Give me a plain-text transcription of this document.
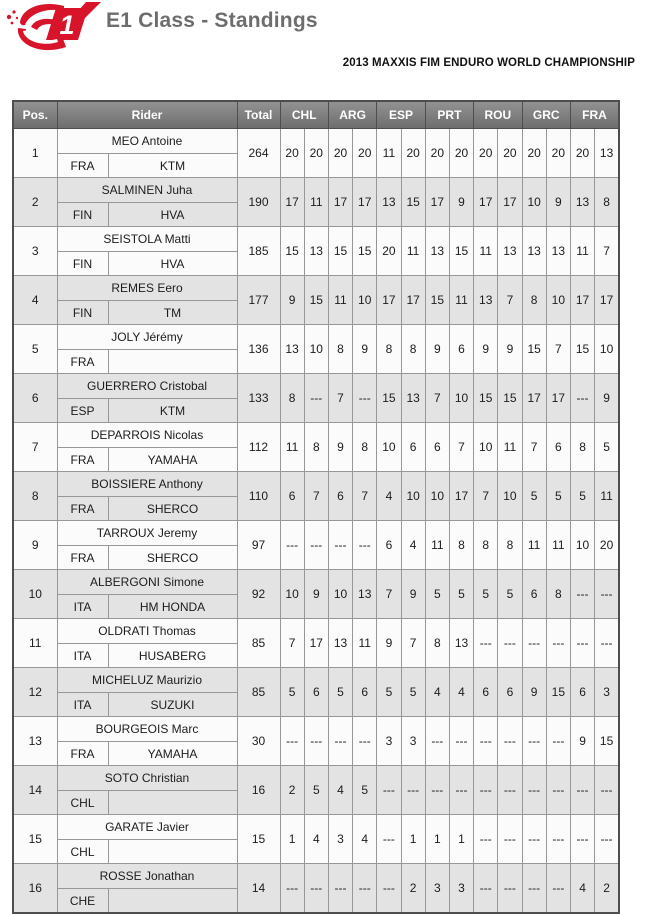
1 E1 Class - Standings
2013 MAXXIS FIM ENDURO WORLD CHAMPIONSHIP
Pos.	Rider		Total	CHL		ARG		ESP		PRT		ROU		GRC		FRA	
1	MEO Antoine		264	20	20	20	20	11	20	20	20	20	20	20	20	20	13
	FRA	KTM															
2	SALMINEN Juha		190	17	11	17	17	13	15	17	9	17	17	10	9	13	8
	FIN	HVA															
3	SEISTOLA Matti		185	15	13	15	15	20	11	13	15	11	13	13	13	11	7
	FIN	HVA															
4	REMES Eero		177	9	15	11	10	17	17	15	11	13	7	8	10	17	17
	FIN	TM															
5	JOLY Jérémy		136	13	10	8	9	8	8	9	6	9	9	15	7	15	10
	FRA																
6	GUERRERO Cristobal		133	8	---	7	---	15	13	7	10	15	15	17	17	---	9
	ESP	KTM															
7	DEPARROIS Nicolas		112	11	8	9	8	10	6	6	7	10	11	7	6	8	5
	FRA	YAMAHA															
8	BOISSIERE Anthony		110	6	7	6	7	4	10	10	17	7	10	5	5	5	11
	FRA	SHERCO															
9	TARROUX Jeremy		97	---	---	---	---	6	4	11	8	8	8	11	11	10	20
	FRA	SHERCO															
10	ALBERGONI Simone		92	10	9	10	13	7	9	5	5	5	5	6	8	---	---
	ITA	HM HONDA															
11	OLDRATI Thomas		85	7	17	13	11	9	7	8	13	---	---	---	---	---	---
	ITA	HUSABERG															
12	MICHELUZ Maurizio		85	5	6	5	6	5	5	4	4	6	6	9	15	6	3
	ITA	SUZUKI															
13	BOURGEOIS Marc		30	---	---	---	---	3	3	---	---	---	---	---	---	9	15
	FRA	YAMAHA															
14	SOTO Christian		16	2	5	4	5	---	---	---	---	---	---	---	---	---	---
	CHL																
15	GARATE Javier		15	1	4	3	4	---	1	1	1	---	---	---	---	---	---
	CHL																
16	ROSSE Jonathan		14	---	---	---	---	---	2	3	3	---	---	---	---	4	2
	CHE																
